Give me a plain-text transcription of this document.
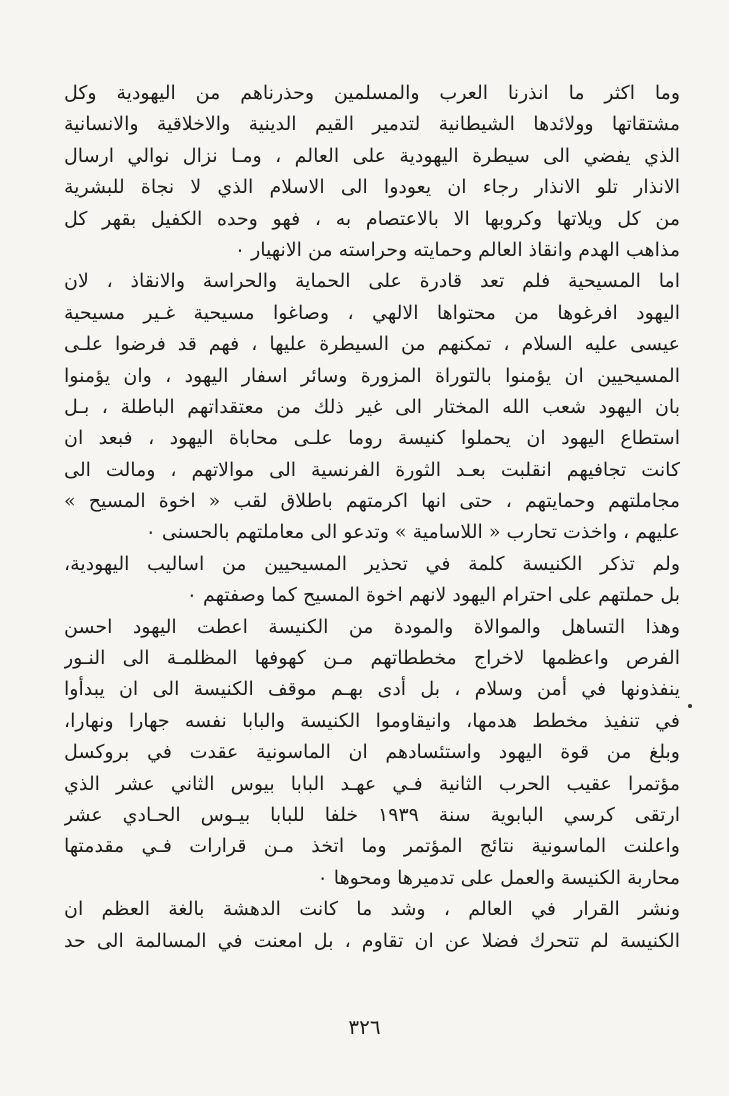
وما اكثر ما انذرنا العرب والمسلمين وحذرناهم من اليهودية وكل
مشتقاتها وولائدها الشيطانية لتدمير القيم الدينية والاخلاقية والانسانية
الذي يفضي الى سيطرة اليهودية على العالم ، ومـا نزال نوالي ارسال
الانذار تلو الانذار رجاء ان يعودوا الى الاسلام الذي لا نجاة للبشرية
من كل ويلاتها وكروبها الا بالاعتصام به ، فهو وحده الكفيل بقهر كل
مذاهب الهدم وانقاذ العالم وحمايته وحراسته من الانهيار ٠
اما المسيحية فلم تعد قادرة على الحماية والحراسة والانقاذ ، لان
اليهود افرغوها من محتواها الالهي ، وصاغوا مسيحية غـير مسيحية
عيسى عليه السلام ، تمكنهم من السيطرة عليها ، فهم قد فرضوا علـى
المسيحيين ان يؤمنوا بالتوراة المزورة وسائر اسفار اليهود ، وان يؤمنوا
بان اليهود شعب الله المختار الى غير ذلك من معتقداتهم الباطلة ، بـل
استطاع اليهود ان يحملوا كنيسة روما علـى محاباة اليهود ، فبعد ان
كانت تجافيهم انقلبت بعـد الثورة الفرنسية الى موالاتهم ، ومالت الى
مجاملتهم وحمايتهم ، حتى انها اكرمتهم باطلاق لقب « اخوة المسيح »
عليهم ، واخذت تحارب « اللاسامية » وتدعو الى معاملتهم بالحسنى ٠
ولم تذكر الكنيسة كلمة في تحذير المسيحيين من اساليب اليهودية،
بل حملتهم على احترام اليهود لانهم اخوة المسيح كما وصفتهم ٠
وهذا التساهل والموالاة والمودة من الكنيسة اعطت اليهود احسن
الفرص واعظمها لاخراج مخططاتهم مـن كهوفها المظلمـة الى النـور
ينفذونها في أمن وسلام ، بل أدى بهـم موقف الكنيسة الى ان يبدأوا
في تنفيذ مخطط هدمها، وانيقاوموا الكنيسة والبابا نفسه جهارا ونهارا،
وبلغ من قوة اليهود واستئسادهم ان الماسونية عقدت في بروكسل
مؤتمرا عقيب الحرب الثانية فـي عهـد البابا بيوس الثاني عشر الذي
ارتقى كرسي البابوية سنة ١٩٣٩ خلفا للبابا بيـوس الحـادي عشر
واعلنت الماسونية نتائج المؤتمر وما اتخذ مـن قرارات فـي مقدمتها
محاربة الكنيسة والعمل على تدميرها ومحوها ٠
ونشر القرار في العالم ، وشد ما كانت الدهشة بالغة العظم ان
الكنيسة لم تتحرك فضلا عن ان تقاوم ، بل امعنت في المسالمة الى حد
٣٢٦
